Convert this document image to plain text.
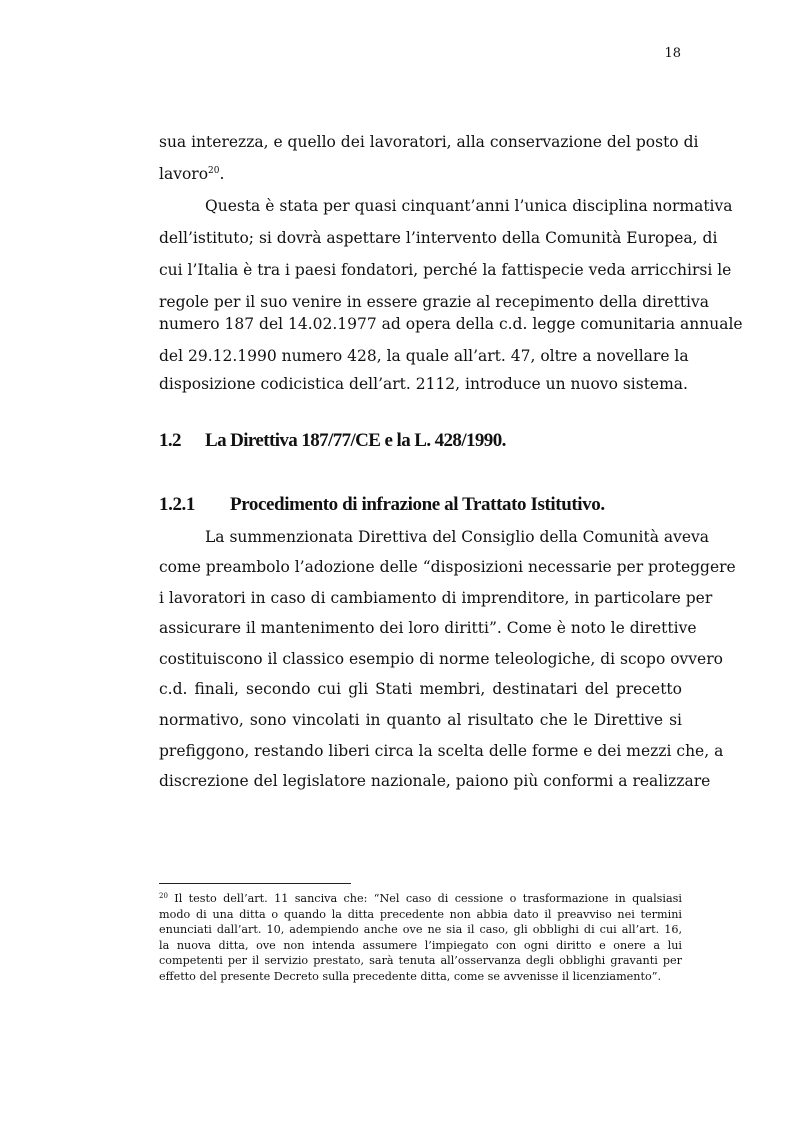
18
sua interezza, e quello dei lavoratori, alla conservazione del posto di
lavoro$^{20}$.
Questa è stata per quasi cinquant’anni l’unica disciplina normativa
dell’istituto; si dovrà aspettare l’intervento della Comunità Europea, di
cui l’Italia è tra i paesi fondatori, perché la fattispecie veda arricchirsi le
regole per il suo venire in essere grazie al recepimento della direttiva
numero 187 del 14.02.1977 ad opera della c.d. legge comunitaria annuale
del 29.12.1990 numero 428, la quale all’art. 47, oltre a novellare la
disposizione codicistica dell’art. 2112, introduce un nuovo sistema.
1.2 La Direttiva 187/77/CE e la L. 428/1990.
1.2.1 Procedimento di infrazione al Trattato Istitutivo.
La summenzionata Direttiva del Consiglio della Comunità aveva
come preambolo l’adozione delle “disposizioni necessarie per proteggere
i lavoratori in caso di cambiamento di imprenditore, in particolare per
assicurare il mantenimento dei loro diritti”. Come è noto le direttive
costituiscono il classico esempio di norme teleologiche, di scopo ovvero
c.d. finali, secondo cui gli Stati membri, destinatari del precetto
normativo, sono vincolati in quanto al risultato che le Direttive si
prefiggono, restando liberi circa la scelta delle forme e dei mezzi che, a
discrezione del legislatore nazionale, paiono più conformi a realizzare
$^{20}$ Il testo dell’art. 11 sanciva che: “Nel caso di cessione o trasformazione in qualsiasi
modo di una ditta o quando la ditta precedente non abbia dato il preavviso nei termini
enunciati dall’art. 10, adempiendo anche ove ne sia il caso, gli obblighi di cui all’art. 16,
la nuova ditta, ove non intenda assumere l’impiegato con ogni diritto e onere a lui
competenti per il servizio prestato, sarà tenuta all’osservanza degli obblighi gravanti per
effetto del presente Decreto sulla precedente ditta, come se avvenisse il licenziamento”.
